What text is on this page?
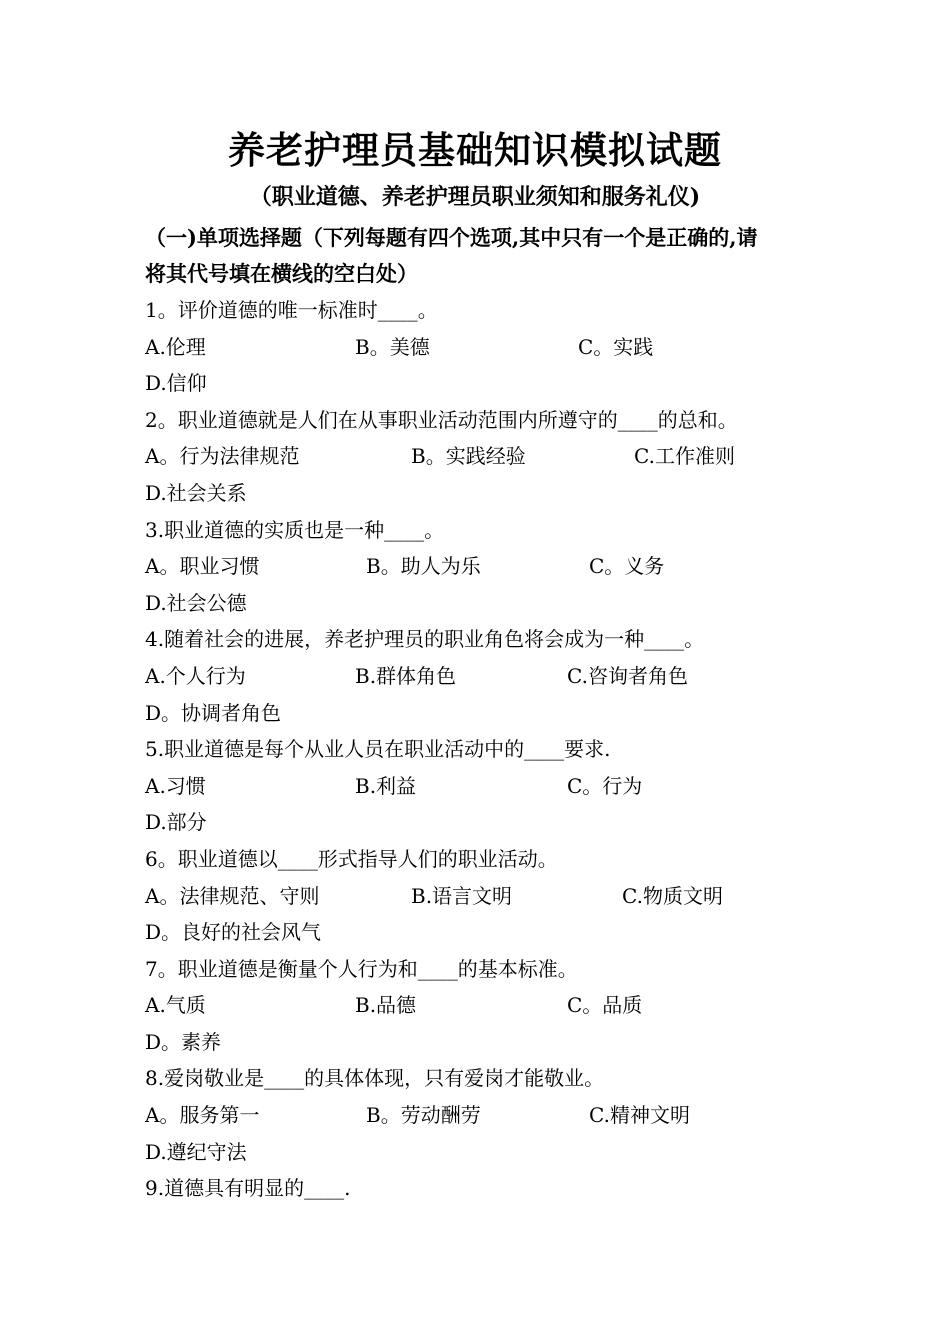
养老护理员基础知识模拟试题
（职业道德、养老护理员职业须知和服务礼仪)
（一)单项选择题（下列每题有四个选项,其中只有一个是正确的,请
将其代号填在横线的空白处）
1。评价道德的唯一标准时____。
A.伦理	B。美德	C。实践
D.信仰
2。职业道德就是人们在从事职业活动范围内所遵守的____的总和。
A。行为法律规范	B。实践经验	C.工作准则
D.社会关系
3.职业道德的实质也是一种____。
A。职业习惯	B。助人为乐	C。义务
D.社会公德
4.随着社会的进展，养老护理员的职业角色将会成为一种____。
A.个人行为	B.群体角色	C.咨询者角色
D。协调者角色
5.职业道德是每个从业人员在职业活动中的____要求.
A.习惯	B.利益	C。行为
D.部分
6。职业道德以____形式指导人们的职业活动。
A。法律规范、守则	B.语言文明	C.物质文明
D。良好的社会风气
7。职业道德是衡量个人行为和____的基本标准。
A.气质	B.品德	C。品质
D。素养
8.爱岗敬业是____的具体体现，只有爱岗才能敬业。
A。服务第一	B。劳动酬劳	C.精神文明
D.遵纪守法
9.道德具有明显的____.
